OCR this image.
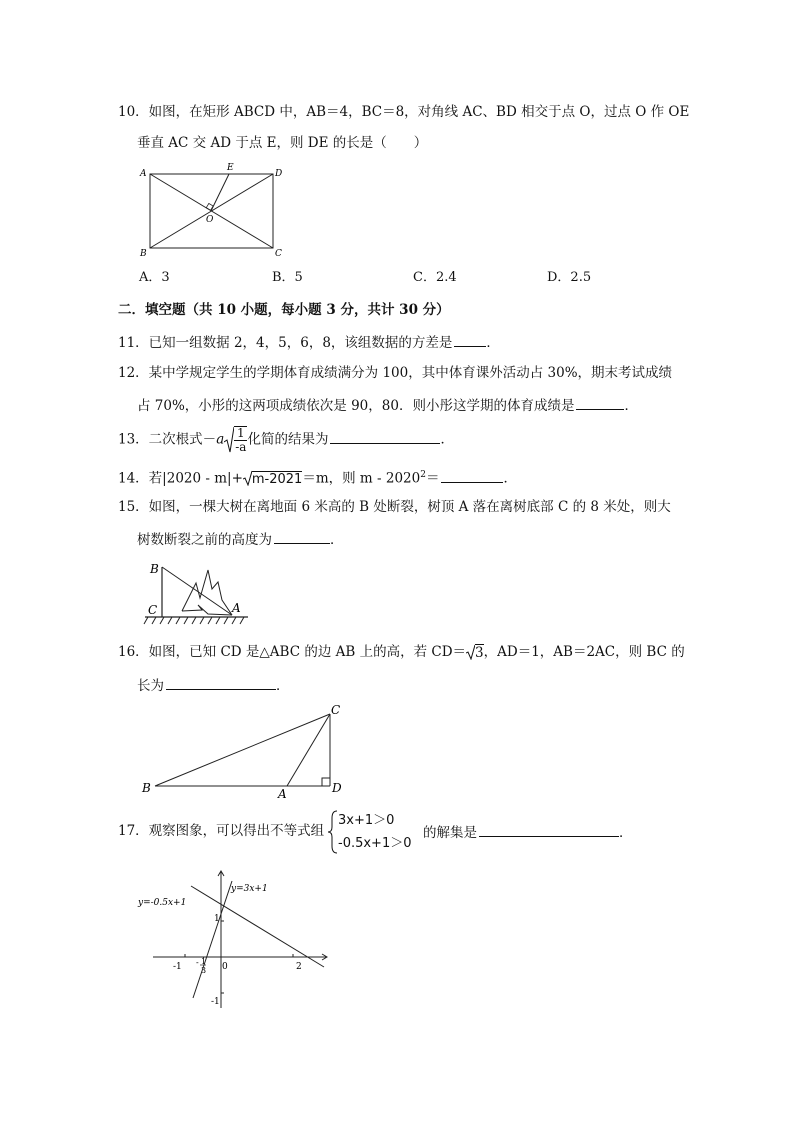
10．如图，在矩形 ABCD 中，AB＝4，BC＝8，对角线 AC、BD 相交于点 O，过点 O 作 OE
垂直 AC 交 AD 于点 E，则 DE 的长是（　　）
A
B	C
D
E
O
A．3	B．5	C．2.4	D．2.5
二．填空题（共 10 小题，每小题 3 分，共计 30 分）
11．已知一组数据 2，4，5，6，8，该组数据的方差是	．
12．某中学规定学生的学期体育成绩满分为 100，其中体育课外活动占 30%，期末考试成绩
占 70%，小彤的这两项成绩依次是 90，80．则小彤这学期的体育成绩是	．
13．二次根式$-a \frac{1}{-a}$ 化简的结果为	．
14．若|2020 - m|+ m-2021＝m，则 $m - 2020^2=$	．
15．如图，一棵大树在离地面 6 米高的 B 处断裂，树顶 A 落在离树底部 C 的 8 米处，则大
树数断裂之前的高度为	．
B
C	A
16．如图，已知 CD 是△ABC 的边 AB 上的高，若 CD＝ 3，AD＝1，AB＝2AC，则 BC 的
长为	．
C
B	A	D
17．观察图象，可以得出不等式组
3x+1＞0
-0.5x+1＞0
的解集是	．
y=-0.5x+1
y=3x+1
-1	0	2
1
-1
- 1
3
